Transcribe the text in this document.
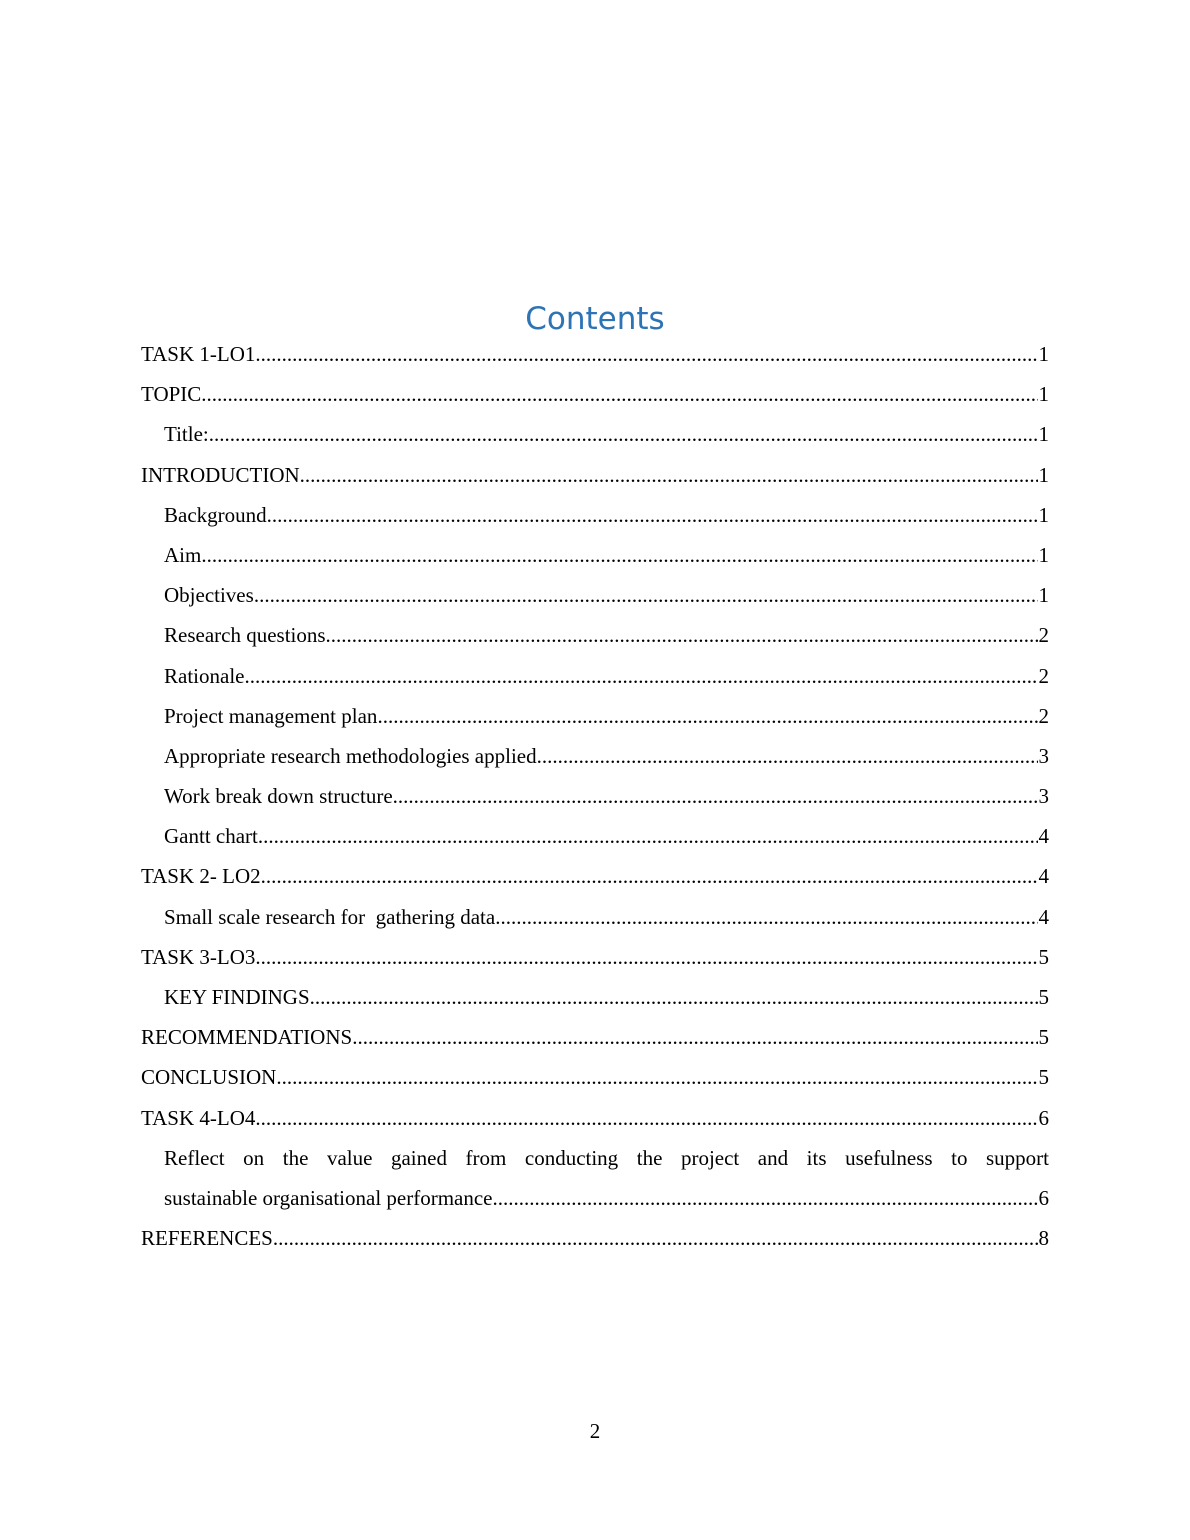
Contents
TASK 1-LO1 .....	1
TOPIC .....	1
Title: .....	1
INTRODUCTION .....	1
Background .....	1
Aim .....	1
Objectives .....	1
Research questions .....	2
Rationale .....	2
Project management plan .....	2
Appropriate research methodologies applied .....	3
Work break down structure .....	3
Gantt chart .....	4
TASK 2- LO2 .....	4
Small scale research for  gathering data .....	4
TASK 3-LO3 .....	5
KEY FINDINGS .....	5
RECOMMENDATIONS .....	5
CONCLUSION .....	5
TASK 4-LO4 .....	6
Reflect on the value gained from conducting the project and its usefulness to support
sustainable organisational performance .....	6
REFERENCES .....	8
2
